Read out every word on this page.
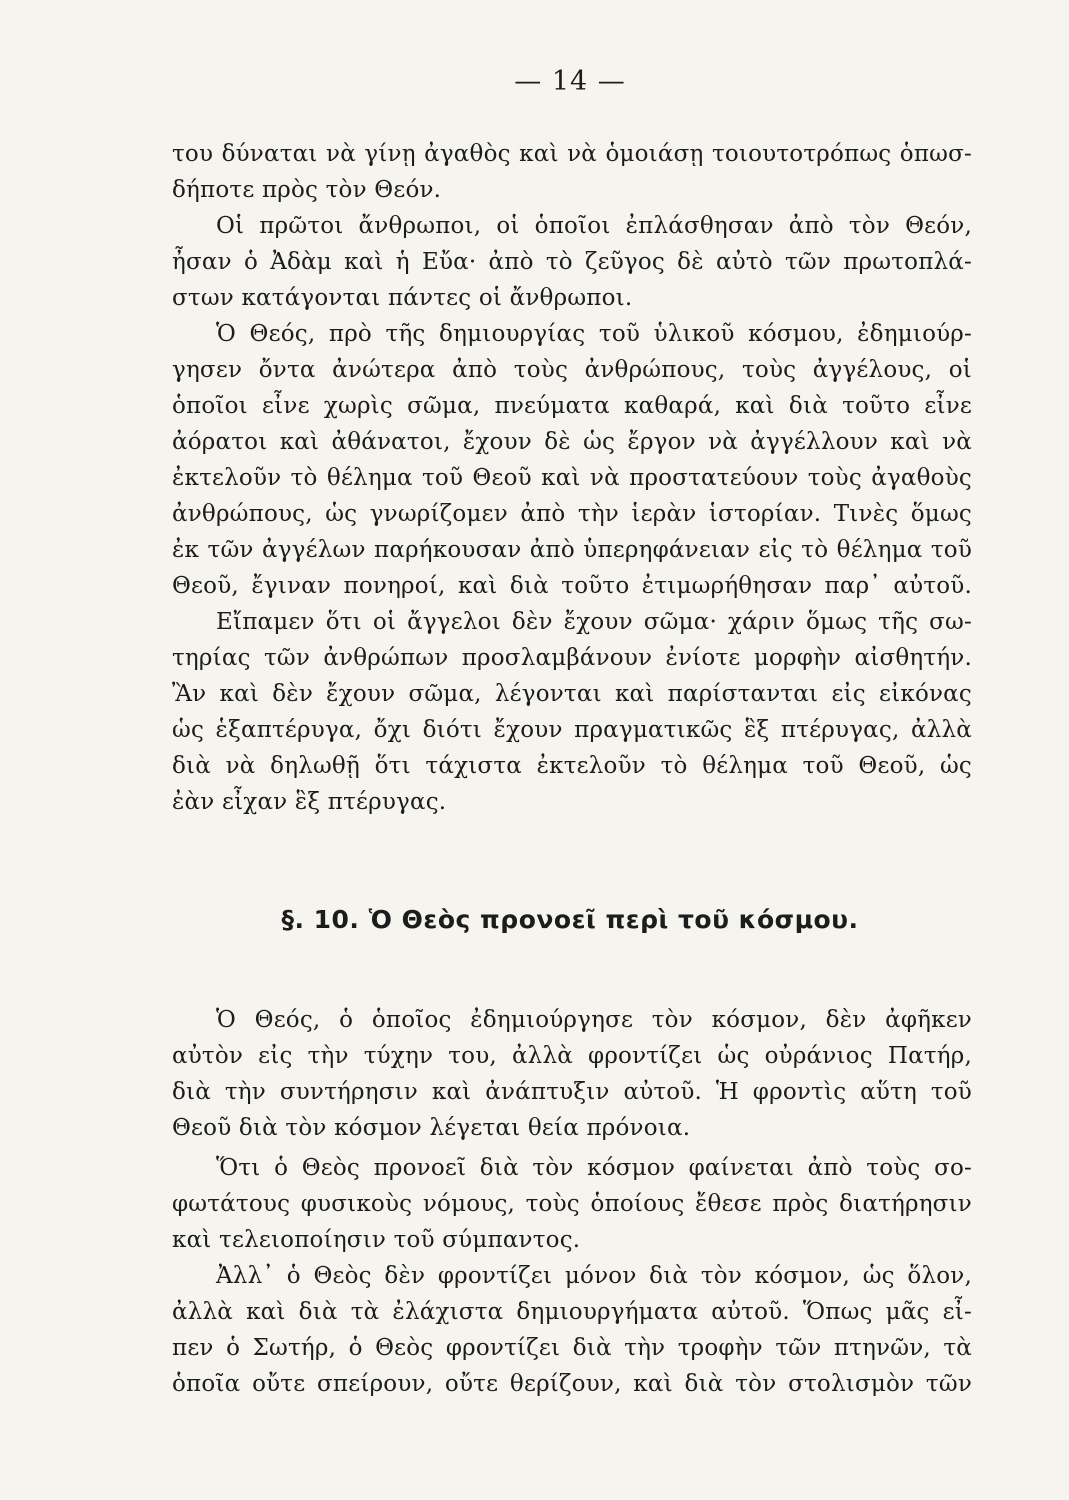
— 14 —
του δύναται νὰ γίνῃ ἀγαθὸς καὶ νὰ ὁμοιάσῃ τοιουτοτρόπως ὁπωσ-
δήποτε πρὸς τὸν Θεόν.
Οἱ πρῶτοι ἄνθρωποι, οἱ ὁποῖοι ἐπλάσθησαν ἀπὸ τὸν Θεόν,
ἦσαν ὁ Ἀδὰμ καὶ ἡ Εὔα· ἀπὸ τὸ ζεῦγος δὲ αὐτὸ τῶν πρωτοπλά-
στων κατάγονται πάντες οἱ ἄνθρωποι.
Ὁ Θεός, πρὸ τῆς δημιουργίας τοῦ ὑλικοῦ κόσμου, ἐδημιούρ-
γησεν ὄντα ἀνώτερα ἀπὸ τοὺς ἀνθρώπους, τοὺς ἀγγέλους, οἱ
ὁποῖοι εἶνε χωρὶς σῶμα, πνεύματα καθαρά, καὶ διὰ τοῦτο εἶνε
ἀόρατοι καὶ ἀθάνατοι, ἔχουν δὲ ὡς ἔργον νὰ ἀγγέλλουν καὶ νὰ
ἐκτελοῦν τὸ θέλημα τοῦ Θεοῦ καὶ νὰ προστατεύουν τοὺς ἀγαθοὺς
ἀνθρώπους, ὡς γνωρίζομεν ἀπὸ τὴν ἱερὰν ἱστορίαν. Τινὲς ὅμως
ἐκ τῶν ἀγγέλων παρήκουσαν ἀπὸ ὑπερηφάνειαν εἰς τὸ θέλημα τοῦ
Θεοῦ, ἔγιναν πονηροί, καὶ διὰ τοῦτο ἐτιμωρήθησαν παρ᾽ αὐτοῦ.
Εἴπαμεν ὅτι οἱ ἄγγελοι δὲν ἔχουν σῶμα· χάριν ὅμως τῆς σω-
τηρίας τῶν ἀνθρώπων προσλαμβάνουν ἐνίοτε μορφὴν αἰσθητήν.
Ἂν καὶ δὲν ἔχουν σῶμα, λέγονται καὶ παρίστανται εἰς εἰκόνας
ὡς ἑξαπτέρυγα, ὄχι διότι ἔχουν πραγματικῶς ἓξ πτέρυγας, ἀλλὰ
διὰ νὰ δηλωθῇ ὅτι τάχιστα ἐκτελοῦν τὸ θέλημα τοῦ Θεοῦ, ὡς
ἐὰν εἶχαν ἓξ πτέρυγας.
§. 10. Ὁ Θεὸς προνοεῖ περὶ τοῦ κόσμου.
Ὁ Θεός, ὁ ὁποῖος ἐδημιούργησε τὸν κόσμον, δὲν ἀφῆκεν
αὐτὸν εἰς τὴν τύχην του, ἀλλὰ φροντίζει ὡς οὐράνιος Πατήρ,
διὰ τὴν συντήρησιν καὶ ἀνάπτυξιν αὐτοῦ. Ἡ φροντὶς αὕτη τοῦ
Θεοῦ διὰ τὸν κόσμον λέγεται θεία πρόνοια.
Ὅτι ὁ Θεὸς προνοεῖ διὰ τὸν κόσμον φαίνεται ἀπὸ τοὺς σο-
φωτάτους φυσικοὺς νόμους, τοὺς ὁποίους ἔθεσε πρὸς διατήρησιν
καὶ τελειοποίησιν τοῦ σύμπαντος.
Ἀλλ᾽ ὁ Θεὸς δὲν φροντίζει μόνον διὰ τὸν κόσμον, ὡς ὅλον,
ἀλλὰ καὶ διὰ τὰ ἐλάχιστα δημιουργήματα αὐτοῦ. Ὅπως μᾶς εἶ-
πεν ὁ Σωτήρ, ὁ Θεὸς φροντίζει διὰ τὴν τροφὴν τῶν πτηνῶν, τὰ
ὁποῖα οὔτε σπείρουν, οὔτε θερίζουν, καὶ διὰ τὸν στολισμὸν τῶν
